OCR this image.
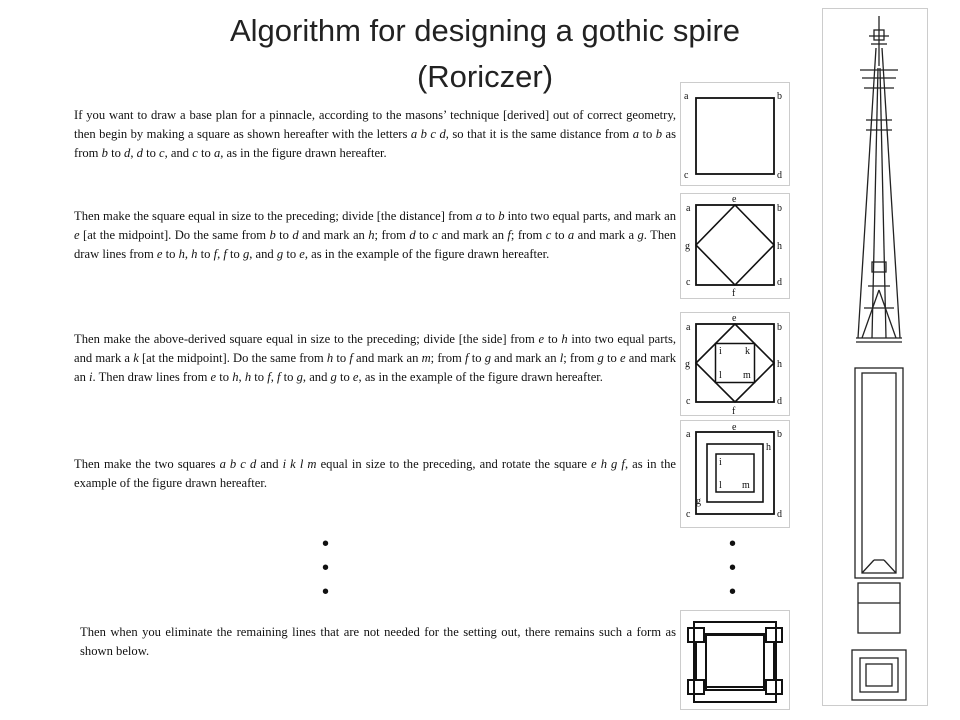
Algorithm for designing a gothic spire
(Roriczer)

If you want to draw a base plan for a pinnacle, according to the masons’ technique [derived] out of correct geometry, then begin by making a square as shown hereafter with the letters a b c d, so that it is the same distance from a to b as from b to d, d to c, and c to a, as in the figure drawn hereafter.

Then make the square equal in size to the preceding; divide [the distance] from a to b into two equal parts, and mark an e [at the midpoint]. Do the same from b to d and mark an h; from d to c and mark an f; from c to a and mark a g. Then draw lines from e to h, h to f, f to g, and g to e, as in the example of the figure drawn hereafter.

Then make the above-derived square equal in size to the preceding; divide [the side] from e to h into two equal parts, and mark a k [at the midpoint]. Do the same from h to f and mark an m; from f to g and mark an l; from g to e and mark an i. Then draw lines from e to h, h to f, f to g, and g to e, as in the example of the figure drawn hereafter.

Then make the two squares a b c d and i k l m equal in size to the preceding, and rotate the square e h g f, as in the example of the figure drawn hereafter.

Then when you eliminate the remaining lines that are not needed for the setting out, there remains such a form as shown below.

•
•
•
•
•
•
a	b
c	d
a
e
b
g	h
c
f
d
a
e
b
g	h
i k
l m
c
f
d
a
e
b
h
i
l m
g
c	d
